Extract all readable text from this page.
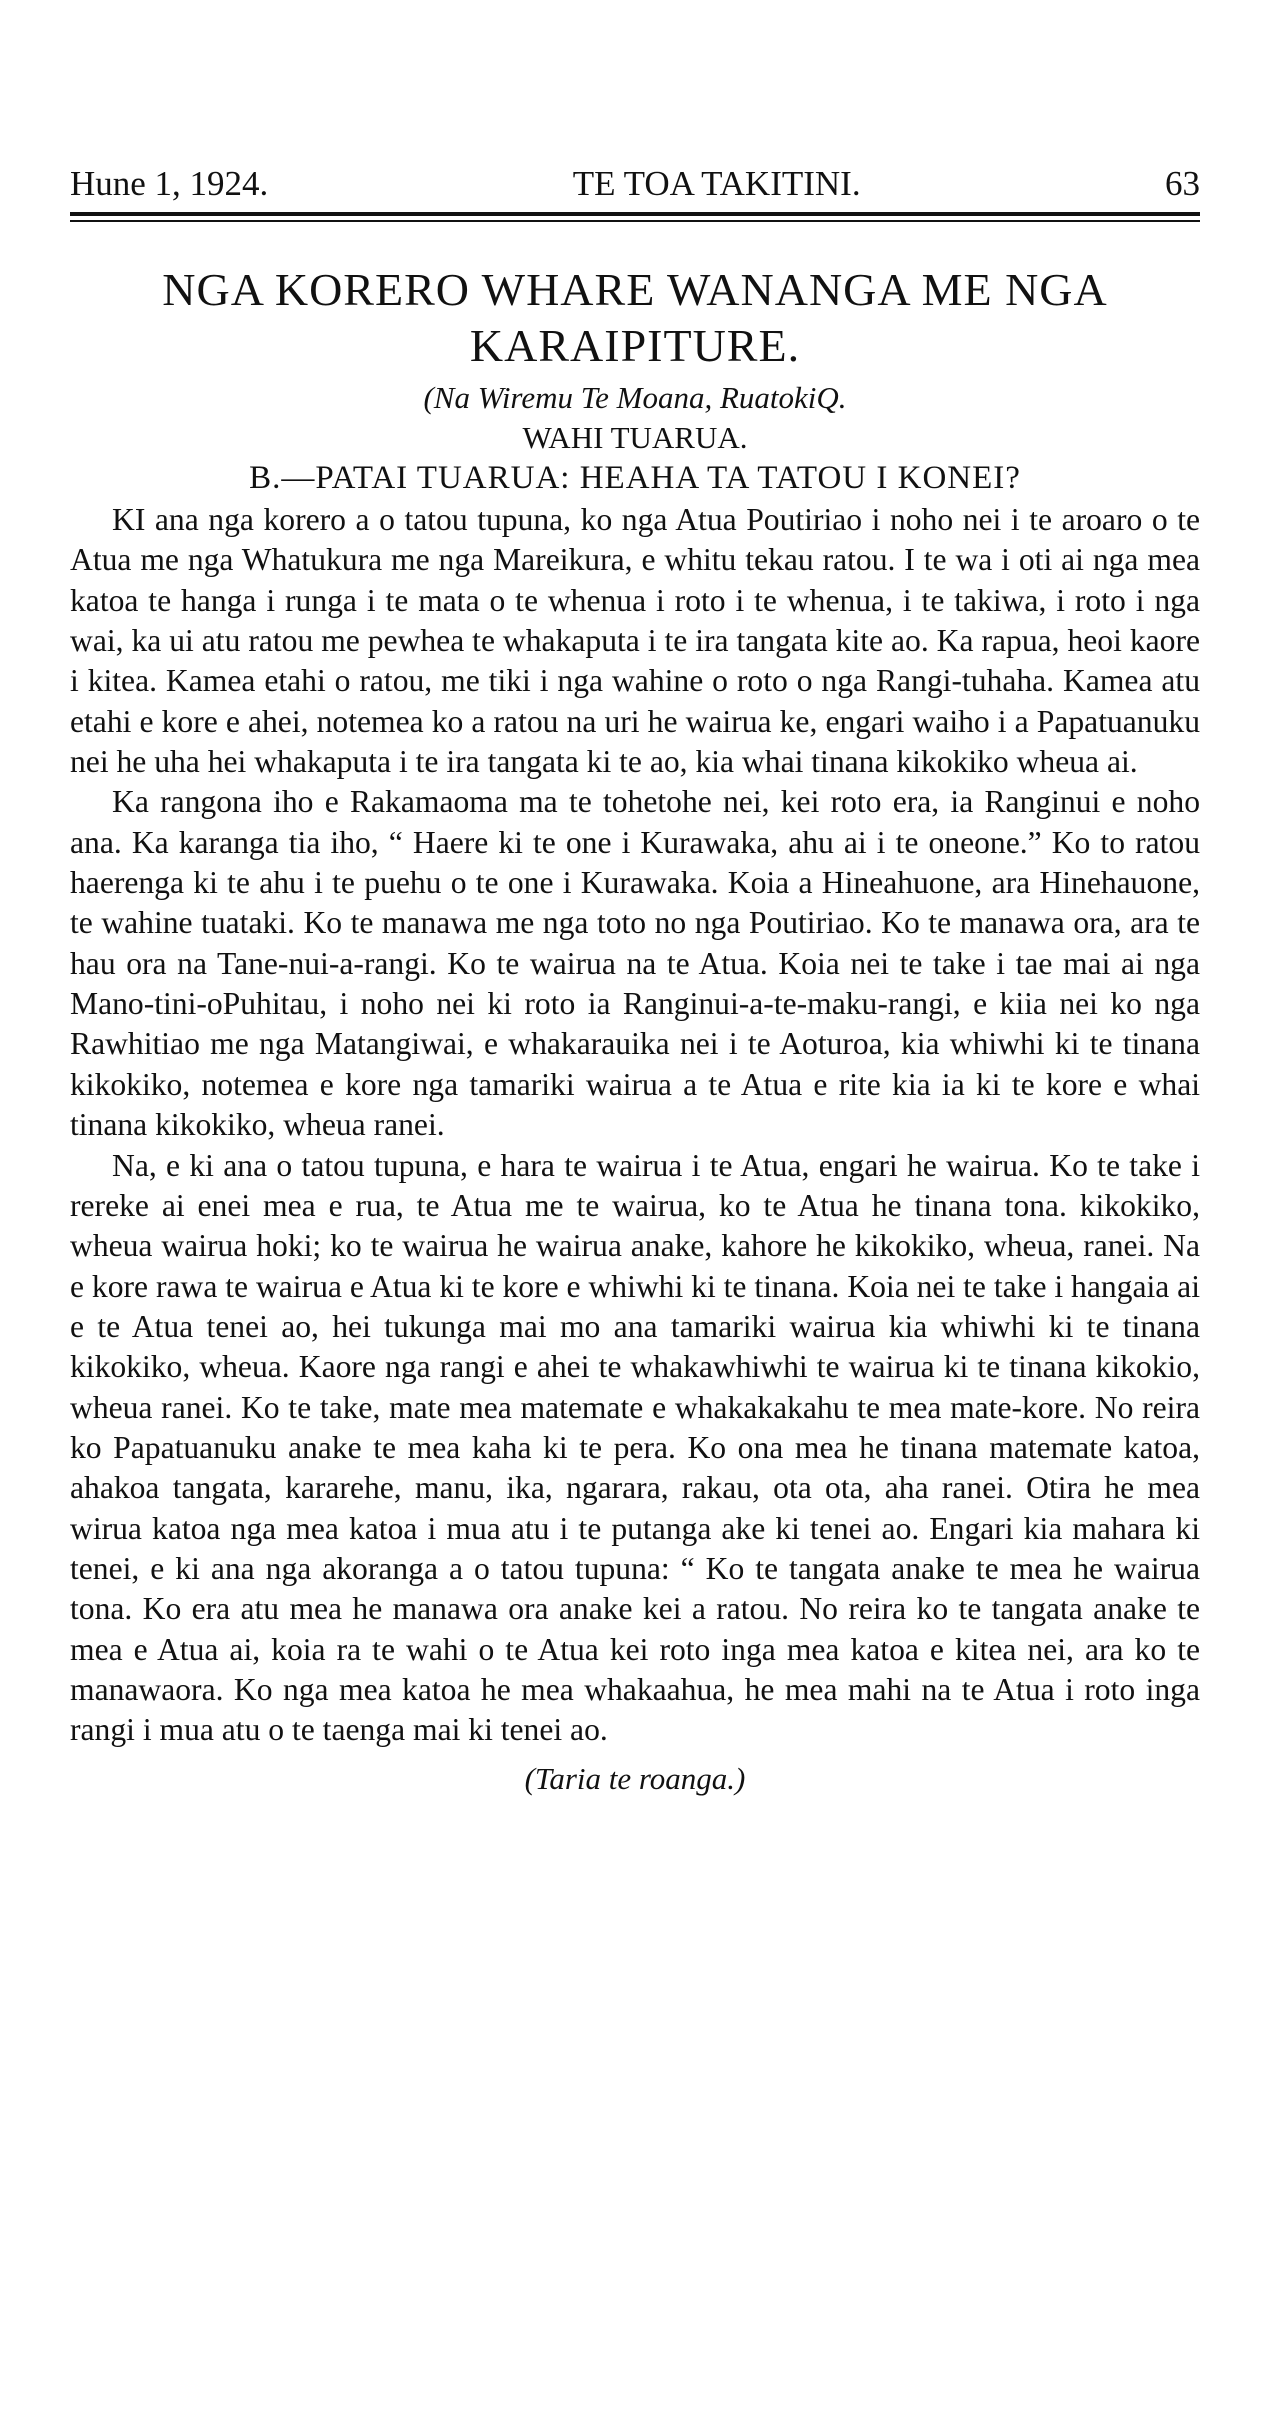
Hune 1, 1924.	TE TOA TAKITINI.	63
NGA KORERO WHARE WANANGA ME NGA KARAIPITURE.
(Na Wiremu Te Moana, RuatokiQ.
WAHI TUARUA.
B.—PATAI TUARUA: HEAHA TA TATOU I KONEI?

KI ana nga korero a o tatou tupuna, ko nga Atua Poutiriao i noho nei i te aroaro o te Atua me nga Whatukura me nga Mareikura, e whitu tekau ratou. I te wa i oti ai nga mea katoa te hanga i runga i te mata o te whenua i roto i te whenua, i te takiwa, i roto i nga wai, ka ui atu ratou me pewhea te whakaputa i te ira tangata kite ao. Ka rapua, heoi kaore i kitea. Kamea etahi o ratou, me tiki i nga wahine o roto o nga Rangi-tuhaha. Kamea atu etahi e kore e ahei, notemea ko a ratou na uri he wairua ke, engari waiho i a Papatuanuku nei he uha hei whakaputa i te ira tangata ki te ao, kia whai tinana kikokiko wheua ai.

Ka rangona iho e Rakamaoma ma te tohetohe nei, kei roto era, ia Ranginui e noho ana. Ka karanga tia iho, “ Haere ki te one i Kurawaka, ahu ai i te oneone.” Ko to ratou haerenga ki te ahu i te puehu o te one i Kurawaka. Koia a Hineahuone, ara Hinehauone, te wahine tuataki. Ko te manawa me nga toto no nga Poutiriao. Ko te manawa ora, ara te hau ora na Tane-nui-a-rangi. Ko te wairua na te Atua. Koia nei te take i tae mai ai nga Mano-tini-oPuhitau, i noho nei ki roto ia Ranginui-a-te-maku-rangi, e kiia nei ko nga Rawhitiao me nga Matangiwai, e whakarauika nei i te Aoturoa, kia whiwhi ki te tinana kikokiko, notemea e kore nga tamariki wairua a te Atua e rite kia ia ki te kore e whai tinana kikokiko, wheua ranei.

Na, e ki ana o tatou tupuna, e hara te wairua i te Atua, engari he wairua. Ko te take i rereke ai enei mea e rua, te Atua me te wairua, ko te Atua he tinana tona. kikokiko, wheua wairua hoki; ko te wairua he wairua anake, kahore he kikokiko, wheua, ranei. Na e kore rawa te wairua e Atua ki te kore e whiwhi ki te tinana. Koia nei te take i hangaia ai e te Atua tenei ao, hei tukunga mai mo ana tamariki wairua kia whiwhi ki te tinana kikokiko, wheua. Kaore nga rangi e ahei te whakawhiwhi te wairua ki te tinana kikokio, wheua ranei. Ko te take, mate mea matemate e whakakakahu te mea mate-kore. No reira ko Papatuanuku anake te mea kaha ki te pera. Ko ona mea he tinana matemate katoa, ahakoa tangata, kararehe, manu, ika, ngarara, rakau, ota ota, aha ranei. Otira he mea wirua katoa nga mea katoa i mua atu i te putanga ake ki tenei ao. Engari kia mahara ki tenei, e ki ana nga akoranga a o tatou tupuna: “ Ko te tangata anake te mea he wairua tona. Ko era atu mea he manawa ora anake kei a ratou. No reira ko te tangata anake te mea e Atua ai, koia ra te wahi o te Atua kei roto inga mea katoa e kitea nei, ara ko te manawaora. Ko nga mea katoa he mea whakaahua, he mea mahi na te Atua i roto inga rangi i mua atu o te taenga mai ki tenei ao.

(Taria te roanga.)
